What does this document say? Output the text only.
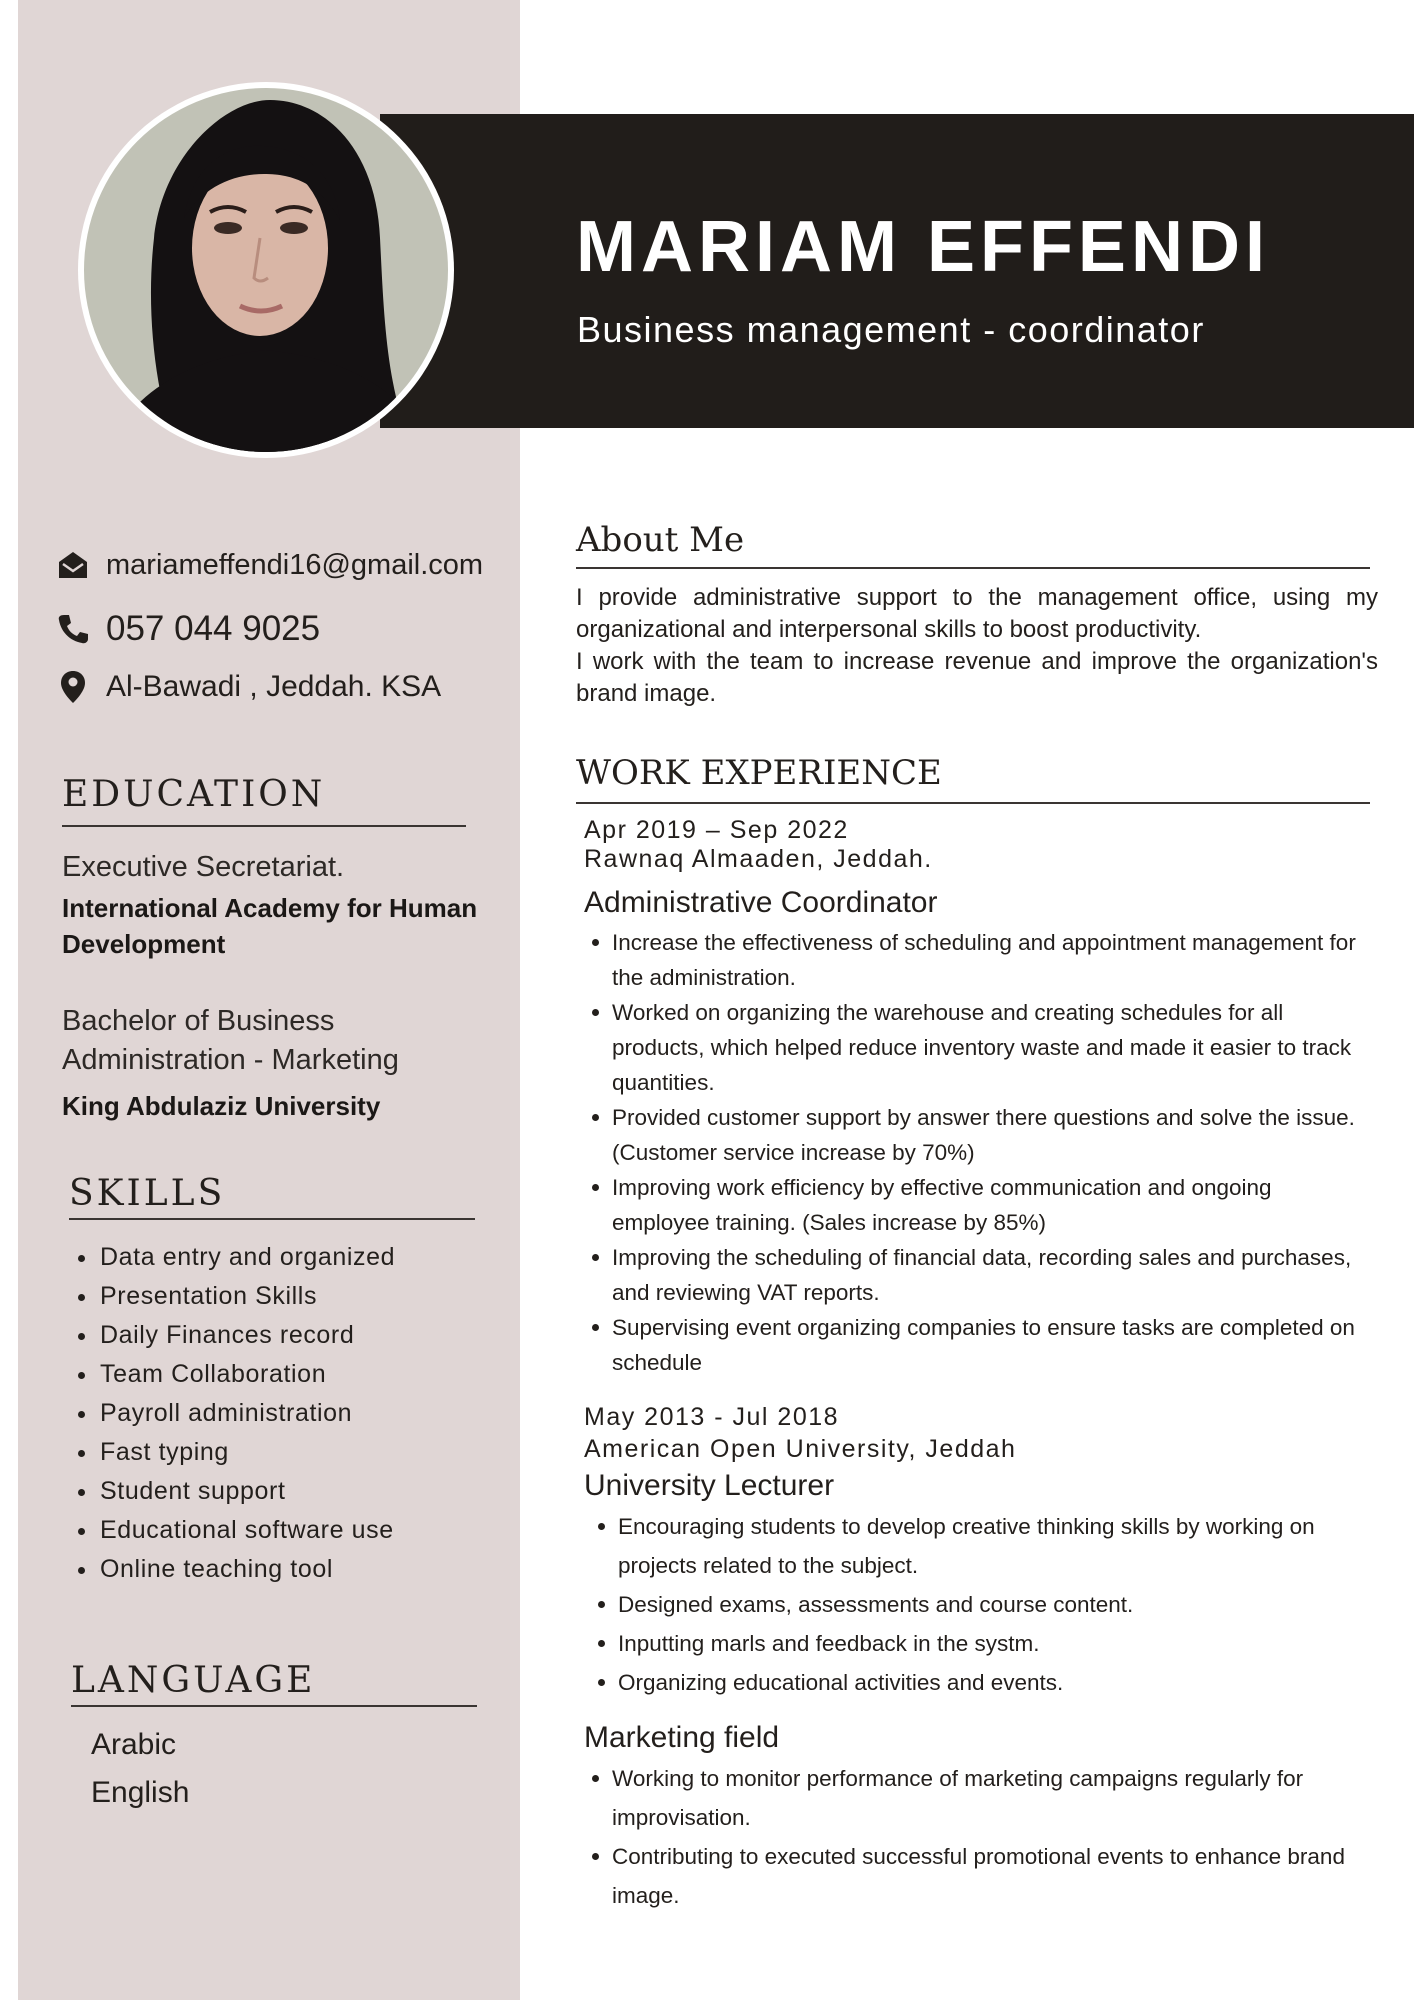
MARIAM EFFENDI

Business management - coordinator

mariameffendi16@gmail.com
057 044 9025
Al-Bawadi , Jeddah. KSA
EDUCATION
Executive Secretariat.
International Academy for Human Development
Bachelor of Business Administration - Marketing
King Abdulaziz University
SKILLS
Data entry and organized
Presentation Skills
Daily Finances record
Team Collaboration
Payroll administration
Fast typing
Student support
Educational software use
Online teaching tool
LANGUAGE
Arabic
English
About Me

I provide administrative support to the management office, using my organizational and interpersonal skills to boost productivity.

I work with the team to increase revenue and improve the organization's brand image.

WORK EXPERIENCE
Apr 2019 – Sep 2022
Rawnaq Almaaden, Jeddah.
Administrative Coordinator
Increase the effectiveness of scheduling and appointment management for the administration.
Worked on organizing the warehouse and creating schedules for all products, which helped reduce inventory waste and made it easier to track quantities.
Provided customer support by answer there questions and solve the issue. (Customer service increase by 70%)
Improving work efficiency by effective communication and ongoing employee training. (Sales increase by 85%)
Improving the scheduling of financial data, recording sales and purchases, and reviewing VAT reports.
Supervising event organizing companies to ensure tasks are completed on schedule
May 2013 - Jul 2018
American Open University, Jeddah
University Lecturer
Encouraging students to develop creative thinking skills by working on projects related to the subject.
Designed exams, assessments and course content.
Inputting marls and feedback in the systm.
Organizing educational activities and events.
Marketing field
Working to monitor performance of marketing campaigns regularly for improvisation.
Contributing to executed successful promotional events to enhance brand image.
